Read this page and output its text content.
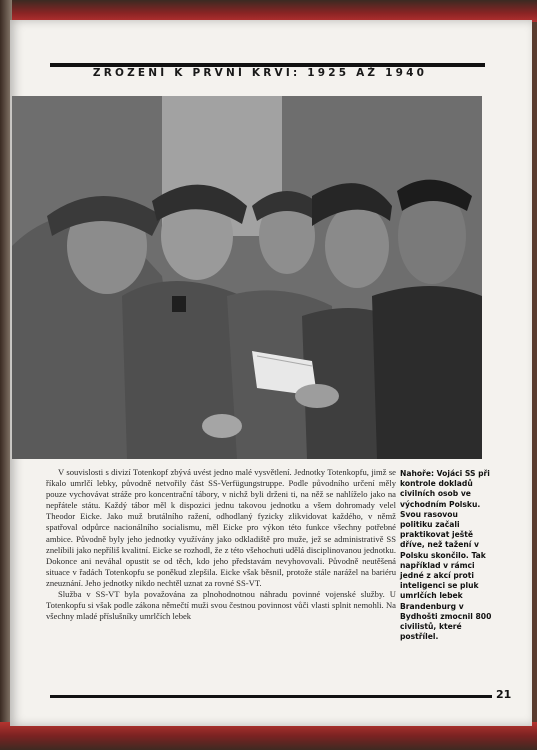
ZROZENÍ K PRVNÍ KRVI: 1925 AŽ 1940

V souvislosti s divizí Totenkopf zbývá uvést jedno malé vysvětlení. Jednotky Totenkopfu, jimž se říkalo umrlčí lebky, původně netvořily část SS-Verfügungstruppe. Podle původního určení měly pouze vychovávat stráže pro koncentrační tábory, v nichž byli drženi ti, na něž se nahlíželo jako na nepřátele státu. Každý tábor měl k dispozici jednu takovou jednotku a všem dohromady velel Theodor Eicke. Jako muž brutálního ražení, odhodlaný fyzicky zlikvidovat každého, v němž spatřoval odpůrce nacionálního socialismu, měl Eicke pro výkon této funkce všechny potřebné ambice. Původně byly jeho jednotky využívány jako odkladiště pro muže, jež se administrativě SS znelíbili jako nepříliš kvalitní. Eicke se rozhodl, že z této všehochuti udělá disciplinovanou jednotku. Dokonce ani neváhal opustit se od těch, kdo jeho představám nevyhovovali. Původně neutěšená situace v řadách Totenkopfu se poněkud zlepšila. Eicke však běsnil, protože stále narážel na bariéru zneuznání. Jeho jednotky nikdo nechtěl uznat za rovné SS-VT.

Služba v SS-VT byla považována za plnohodnotnou náhradu povinné vojenské služby. U Totenkopfu si však podle zákona němečtí muži svou čestnou povinnost vůči vlasti splnit nemohli. Na všechny mladé příslušníky umrlčích lebek

Nahoře: Vojáci SS při kontrole dokladů civilních osob ve východním Polsku. Svou rasovou politiku začali praktikovat ještě dříve, než tažení v Polsku skončilo. Tak například v rámci jedné z akcí proti inteligenci se pluk umrlčích lebek Brandenburg v Bydhošti zmocnil 800 civilistů, které postřílel.
21
